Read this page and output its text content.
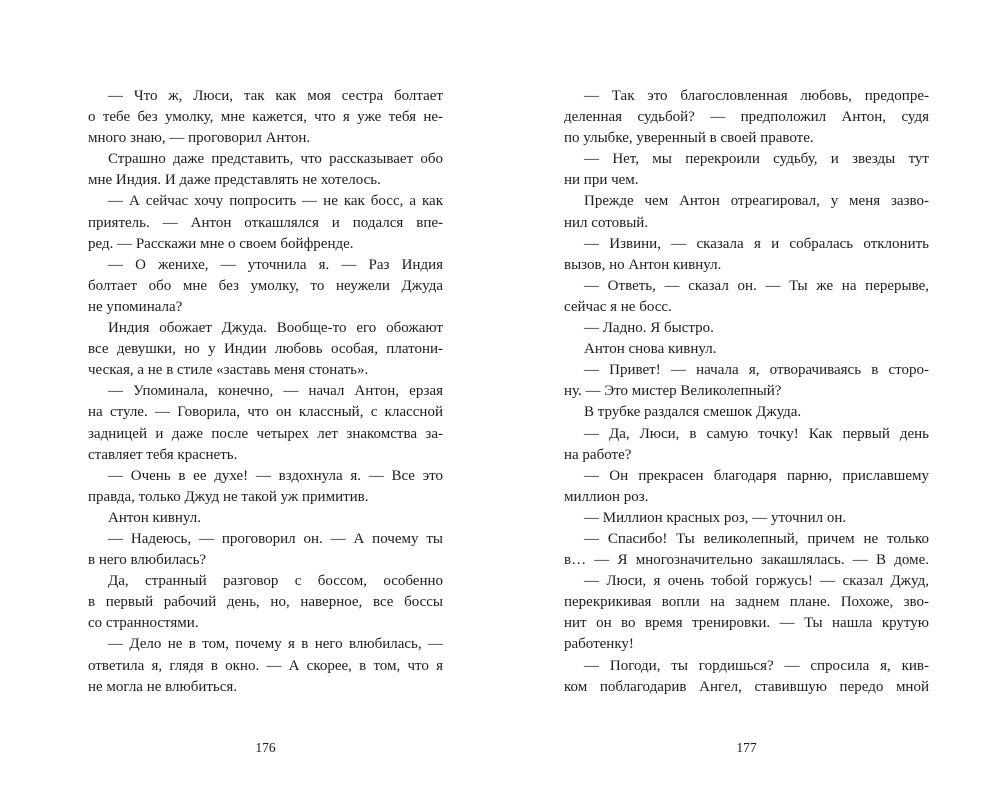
— Что ж, Люси, так как моя сестра болтает
о тебе без умолку, мне кажется, что я уже тебя не-
много знаю, — проговорил Антон.
Страшно даже представить, что рассказывает обо
мне Индия. И даже представлять не хотелось.
— А сейчас хочу попросить — не как босс, а как
приятель. — Антон откашлялся и подался впе-
ред. — Расскажи мне о своем бойфренде.
— О женихе, — уточнила я. — Раз Индия
болтает обо мне без умолку, то неужели Джуда
не упоминала?
Индия обожает Джуда. Вообще-то его обожают
все девушки, но у Индии любовь особая, платони-
ческая, а не в стиле «заставь меня стонать».
— Упоминала, конечно, — начал Антон, ерзая
на стуле. — Говорила, что он классный, с классной
задницей и даже после четырех лет знакомства за-
ставляет тебя краснеть.
— Очень в ее духе! — вздохнула я. — Все это
правда, только Джуд не такой уж примитив.
Антон кивнул.
— Надеюсь, — проговорил он. — А почему ты
в него влюбилась?
Да, странный разговор с боссом, особенно
в первый рабочий день, но, наверное, все боссы
со странностями.
— Дело не в том, почему я в него влюбилась, —
ответила я, глядя в окно. — А скорее, в том, что я
не могла не влюбиться.
176
— Так это благословленная любовь, предопре-
деленная судьбой? — предположил Антон, судя
по улыбке, уверенный в своей правоте.
— Нет, мы перекроили судьбу, и звезды тут
ни при чем.
Прежде чем Антон отреагировал, у меня зазво-
нил сотовый.
— Извини, — сказала я и собралась отклонить
вызов, но Антон кивнул.
— Ответь, — сказал он. — Ты же на перерыве,
сейчас я не босс.
— Ладно. Я быстро.
Антон снова кивнул.
— Привет! — начала я, отворачиваясь в сторо-
ну. — Это мистер Великолепный?
В трубке раздался смешок Джуда.
— Да, Люси, в самую точку! Как первый день
на работе?
— Он прекрасен благодаря парню, приславшему
миллион роз.
— Миллион красных роз, — уточнил он.
— Спасибо! Ты великолепный, причем не только
в… — Я многозначительно закашлялась. — В доме.
— Люси, я очень тобой горжусь! — сказал Джуд,
перекрикивая вопли на заднем плане. Похоже, зво-
нит он во время тренировки. — Ты нашла крутую
работенку!
— Погоди, ты гордишься? — спросила я, кив-
ком поблагодарив Ангел, ставившую передо мной
177
